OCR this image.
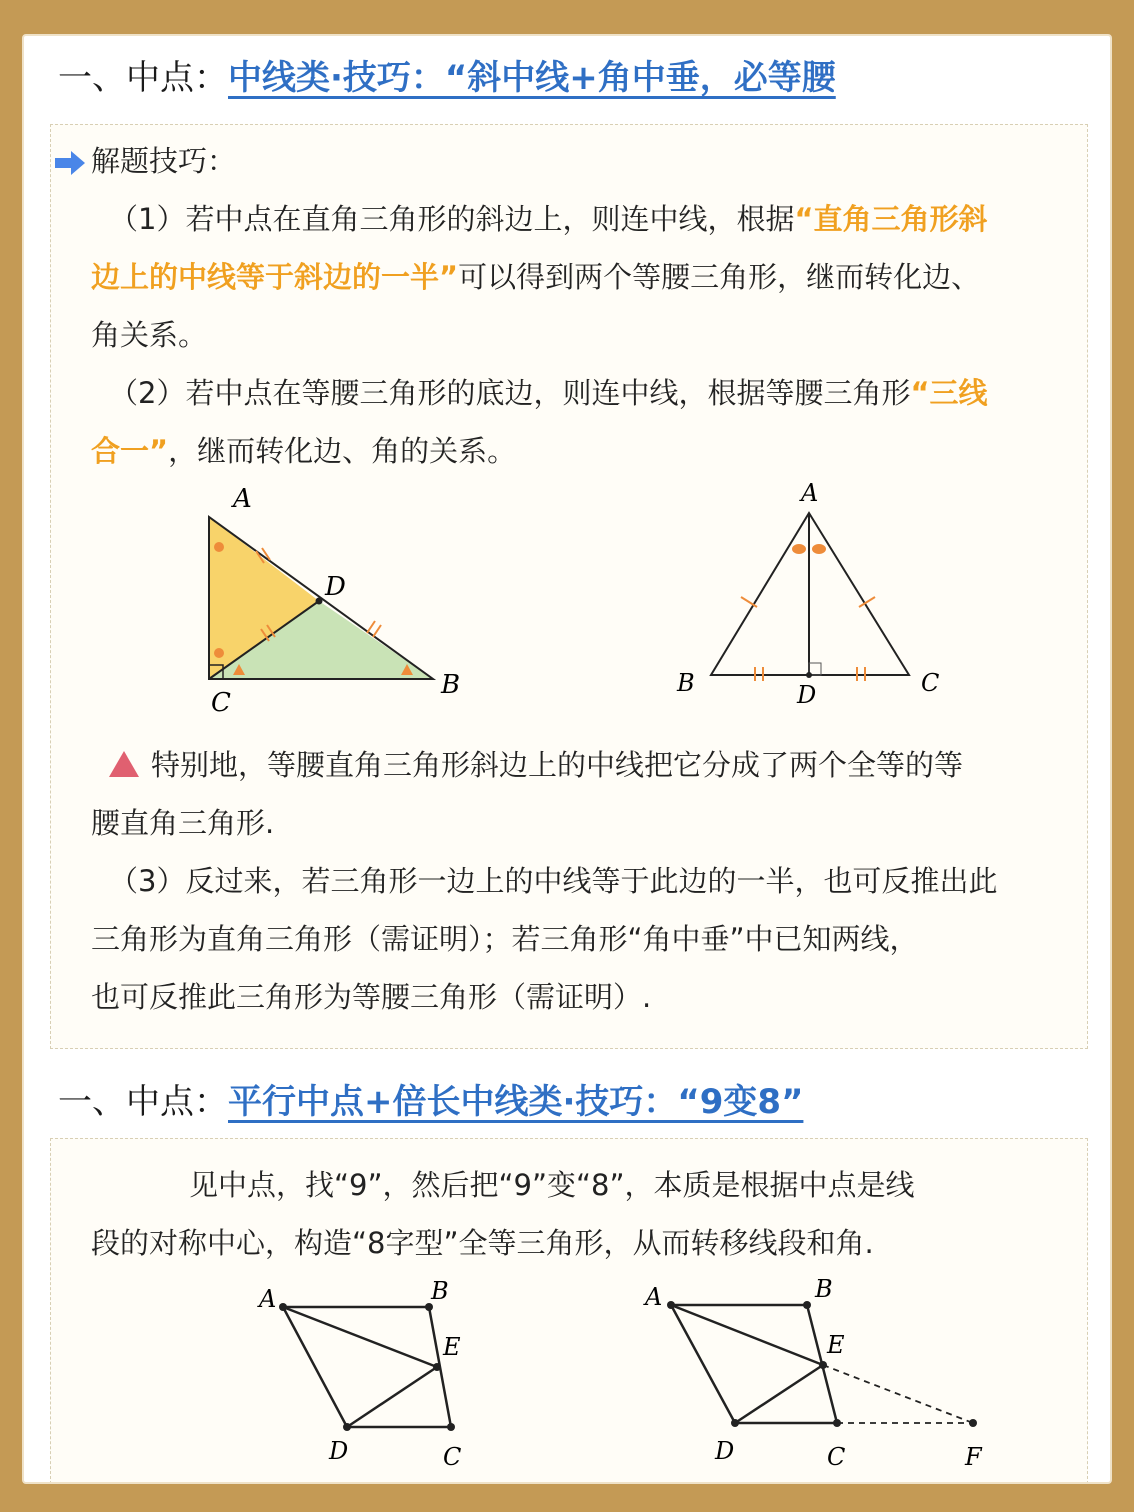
一、中点：中线类·技巧：“斜中线+角中垂，必等腰
解题技巧：
（1）若中点在直角三角形的斜边上，则连中线，根据“直角三角形斜
边上的中线等于斜边的一半”可以得到两个等腰三角形，继而转化边、
角关系。
（2）若中点在等腰三角形的底边，则连中线，根据等腰三角形“三线
合一”，继而转化边、角的关系。
A
D
C
B
A
B	D	C
特别地，等腰直角三角形斜边上的中线把它分成了两个全等的等
腰直角三角形.
（3）反过来，若三角形一边上的中线等于此边的一半，也可反推出此
三角形为直角三角形（需证明）；若三角形“角中垂”中已知两线，
也可反推此三角形为等腰三角形（需证明）.
一、中点：平行中点+倍长中线类·技巧：“9变8”
见中点，找“9”，然后把“9”变“8”，本质是根据中点是线
段的对称中心，构造“8字型”全等三角形，从而转移线段和角.
A	B
E
D	C
A	B
E
D	C	F
